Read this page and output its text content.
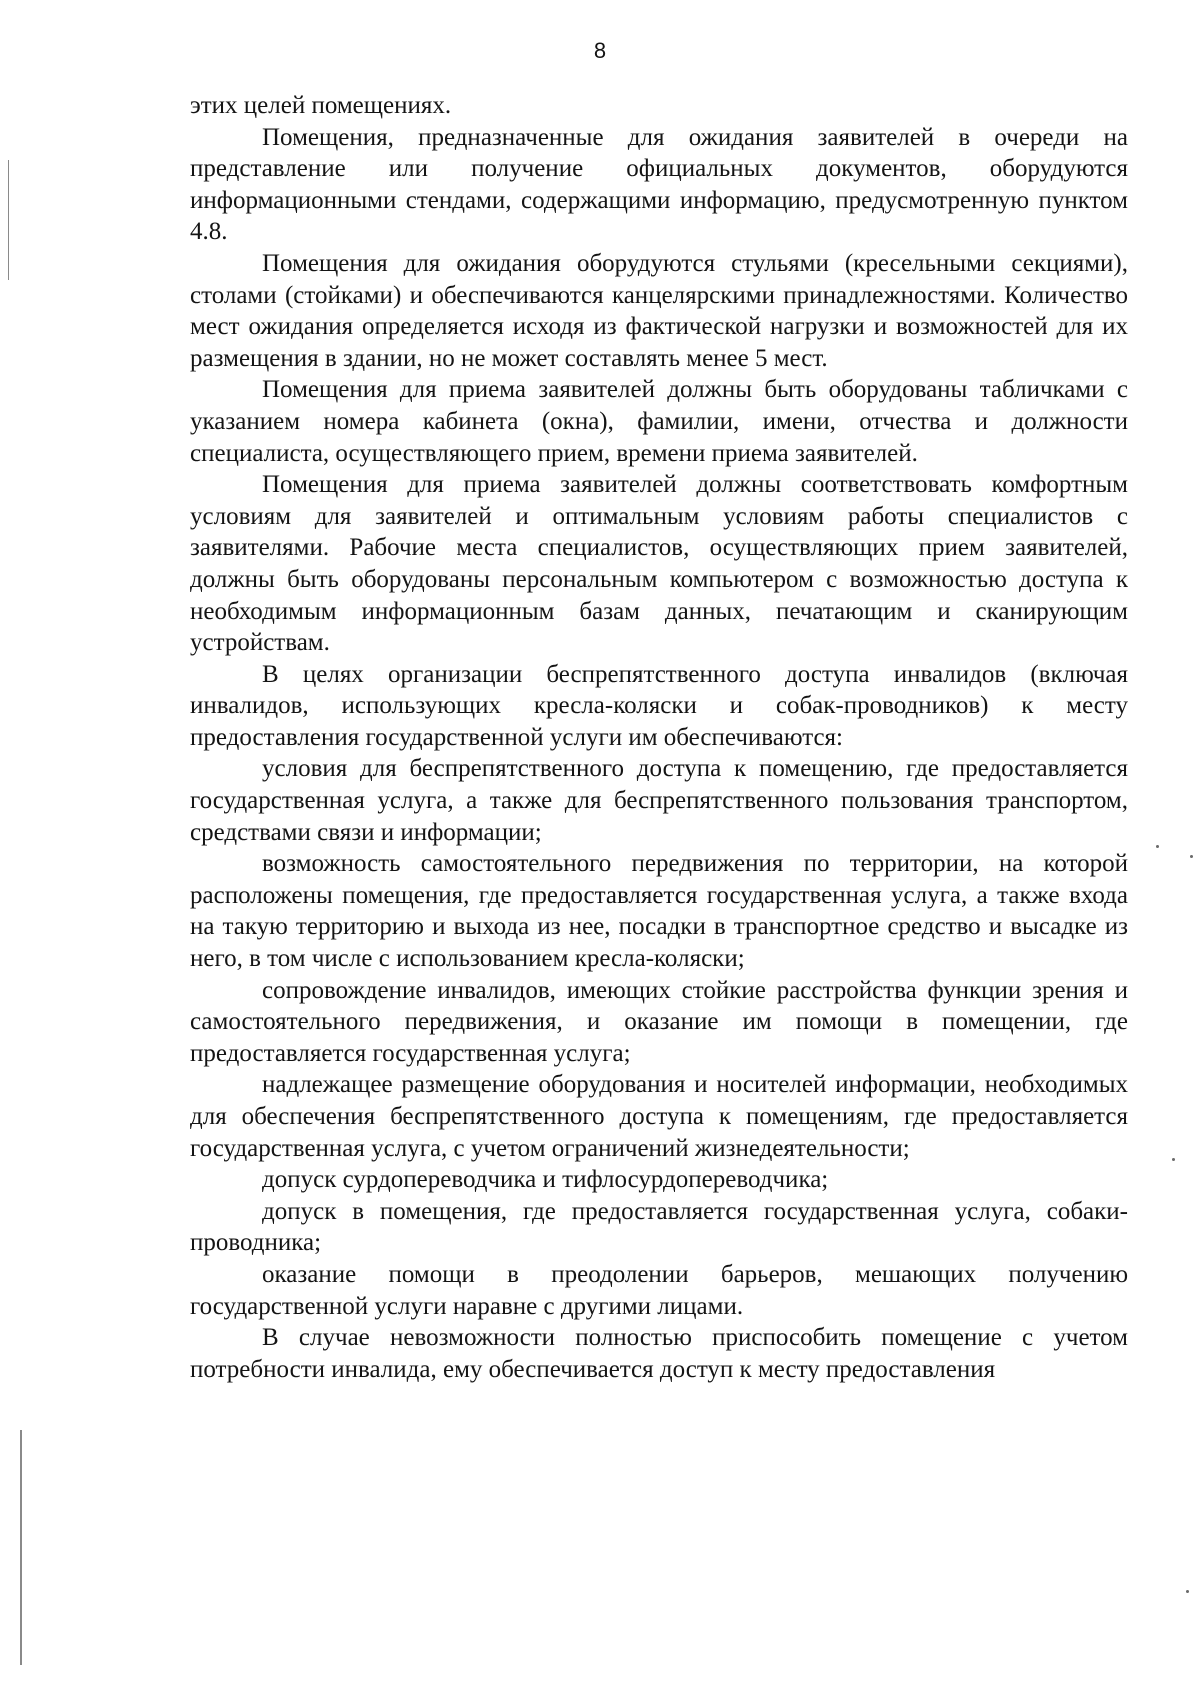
8

этих целей помещениях.

Помещения, предназначенные для ожидания заявителей в очереди на представление или получение официальных документов, оборудуются информационными стендами, содержащими информацию, предусмотренную пунктом 4.8.

Помещения для ожидания оборудуются стульями (кресельными секциями), столами (стойками) и обеспечиваются канцелярскими принадлежностями. Количество мест ожидания определяется исходя из фактической нагрузки и возможностей для их размещения в здании, но не может составлять менее 5 мест.

Помещения для приема заявителей должны быть оборудованы табличками с указанием номера кабинета (окна), фамилии, имени, отчества и должности специалиста, осуществляющего прием, времени приема заявителей.

Помещения для приема заявителей должны соответствовать комфортным условиям для заявителей и оптимальным условиям работы специалистов с заявителями. Рабочие места специалистов, осуществляющих прием заявителей, должны быть оборудованы персональным компьютером с возможностью доступа к необходимым информационным базам данных, печатающим и сканирующим устройствам.

В целях организации беспрепятственного доступа инвалидов (включая инвалидов, использующих кресла-коляски и собак-проводников) к месту предоставления государственной услуги им обеспечиваются:

условия для беспрепятственного доступа к помещению, где предоставляется государственная услуга, а также для беспрепятственного пользования транспортом, средствами связи и информации;

возможность самостоятельного передвижения по территории, на которой расположены помещения, где предоставляется государственная услуга, а также входа на такую территорию и выхода из нее, посадки в транспортное средство и высадке из него, в том числе с использованием кресла-коляски;

сопровождение инвалидов, имеющих стойкие расстройства функции зрения и самостоятельного передвижения, и оказание им помощи в помещении, где предоставляется государственная услуга;

надлежащее размещение оборудования и носителей информации, необходимых для обеспечения беспрепятственного доступа к помещениям, где предоставляется государственная услуга, с учетом ограничений жизнедеятельности;

допуск сурдопереводчика и тифлосурдопереводчика;

допуск в помещения, где предоставляется государственная услуга, собаки-проводника;

оказание помощи в преодолении барьеров, мешающих получению государственной услуги наравне с другими лицами.

В случае невозможности полностью приспособить помещение с учетом потребности инвалида, ему обеспечивается доступ к месту предоставления
